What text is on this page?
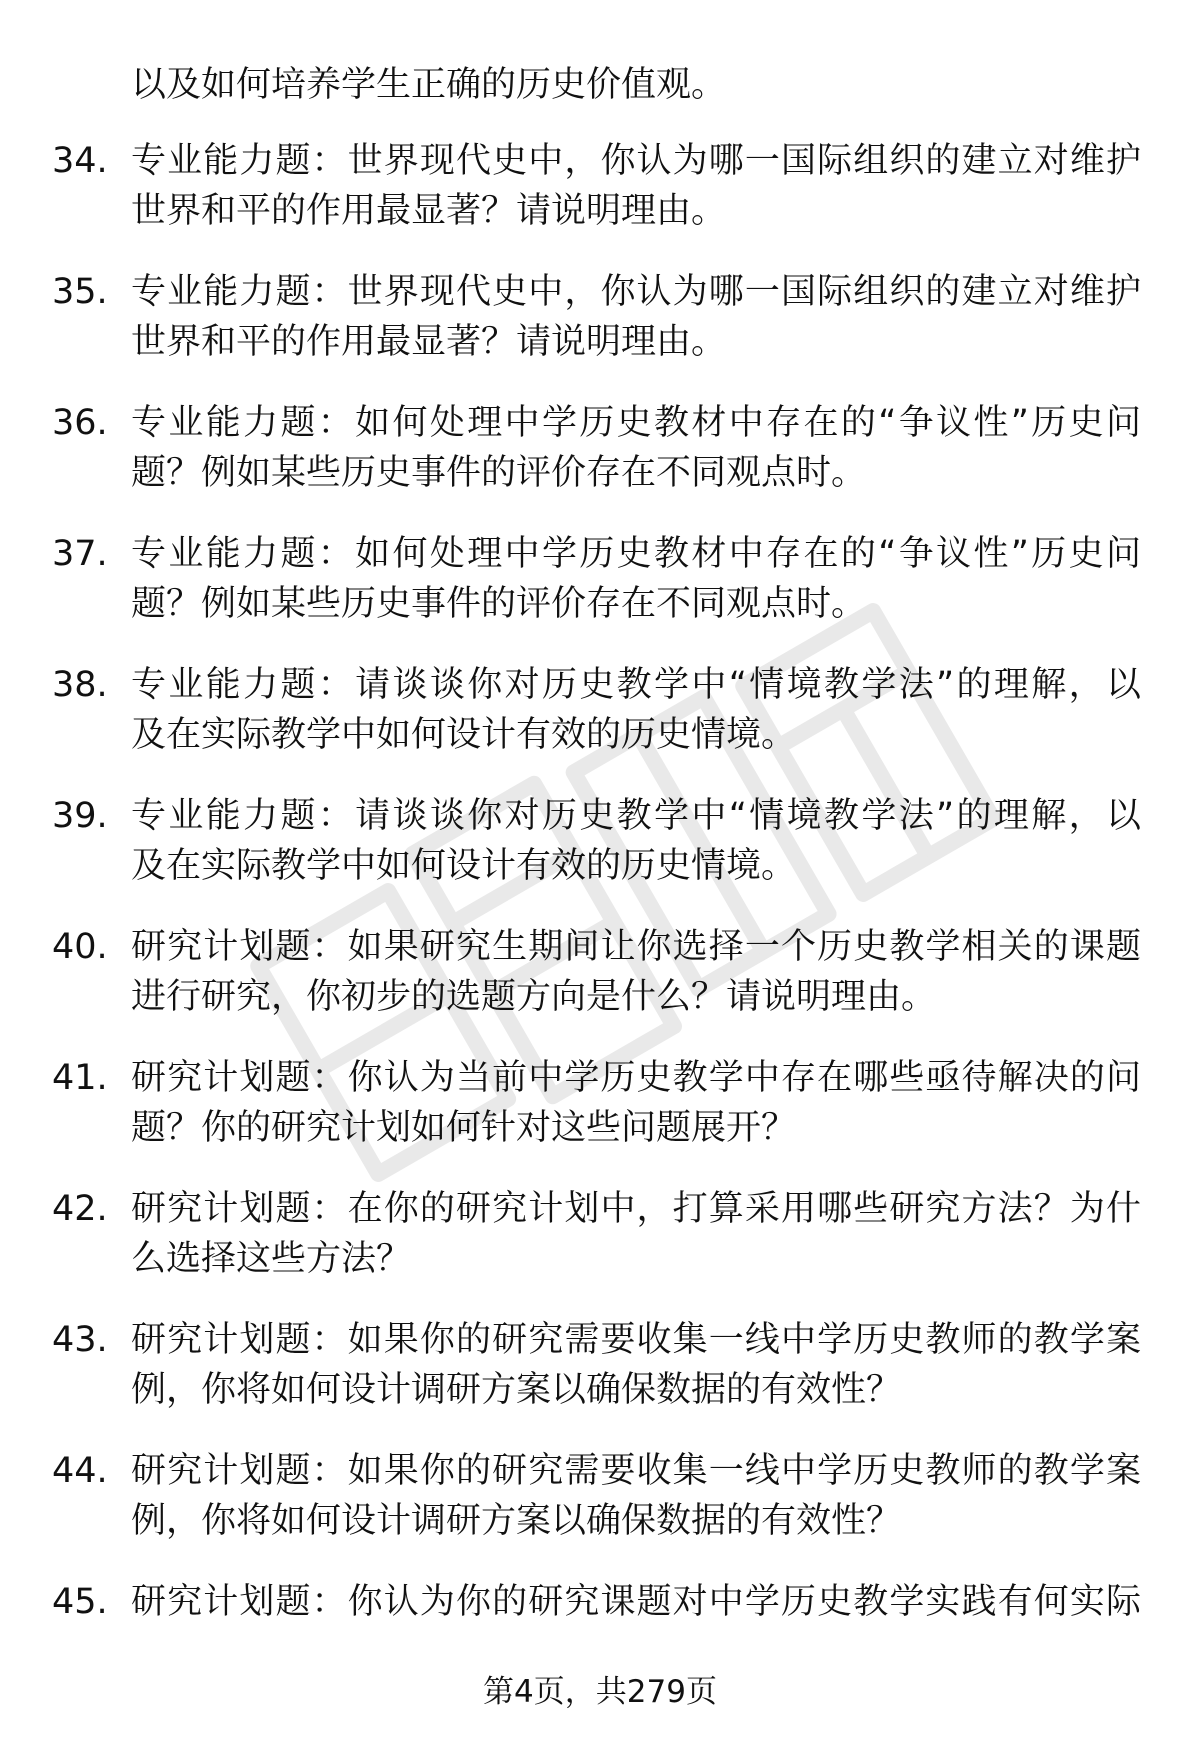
以及如何培养学生正确的历史价值观。
34. 专业能力题：世界现代史中，你认为哪一国际组织的建立对维护
世界和平的作用最显著？请说明理由。
35. 专业能力题：世界现代史中，你认为哪一国际组织的建立对维护
世界和平的作用最显著？请说明理由。
36. 专业能力题：如何处理中学历史教材中存在的“争议性”历史问
题？例如某些历史事件的评价存在不同观点时。
37. 专业能力题：如何处理中学历史教材中存在的“争议性”历史问
题？例如某些历史事件的评价存在不同观点时。
38. 专业能力题：请谈谈你对历史教学中“情境教学法”的理解，以
及在实际教学中如何设计有效的历史情境。
39. 专业能力题：请谈谈你对历史教学中“情境教学法”的理解，以
及在实际教学中如何设计有效的历史情境。
40. 研究计划题：如果研究生期间让你选择一个历史教学相关的课题
进行研究，你初步的选题方向是什么？请说明理由。
41. 研究计划题：你认为当前中学历史教学中存在哪些亟待解决的问
题？你的研究计划如何针对这些问题展开？
42. 研究计划题：在你的研究计划中，打算采用哪些研究方法？为什
么选择这些方法？
43. 研究计划题：如果你的研究需要收集一线中学历史教师的教学案
例，你将如何设计调研方案以确保数据的有效性？
44. 研究计划题：如果你的研究需要收集一线中学历史教师的教学案
例，你将如何设计调研方案以确保数据的有效性？
45. 研究计划题：你认为你的研究课题对中学历史教学实践有何实际
第4页，共279页
